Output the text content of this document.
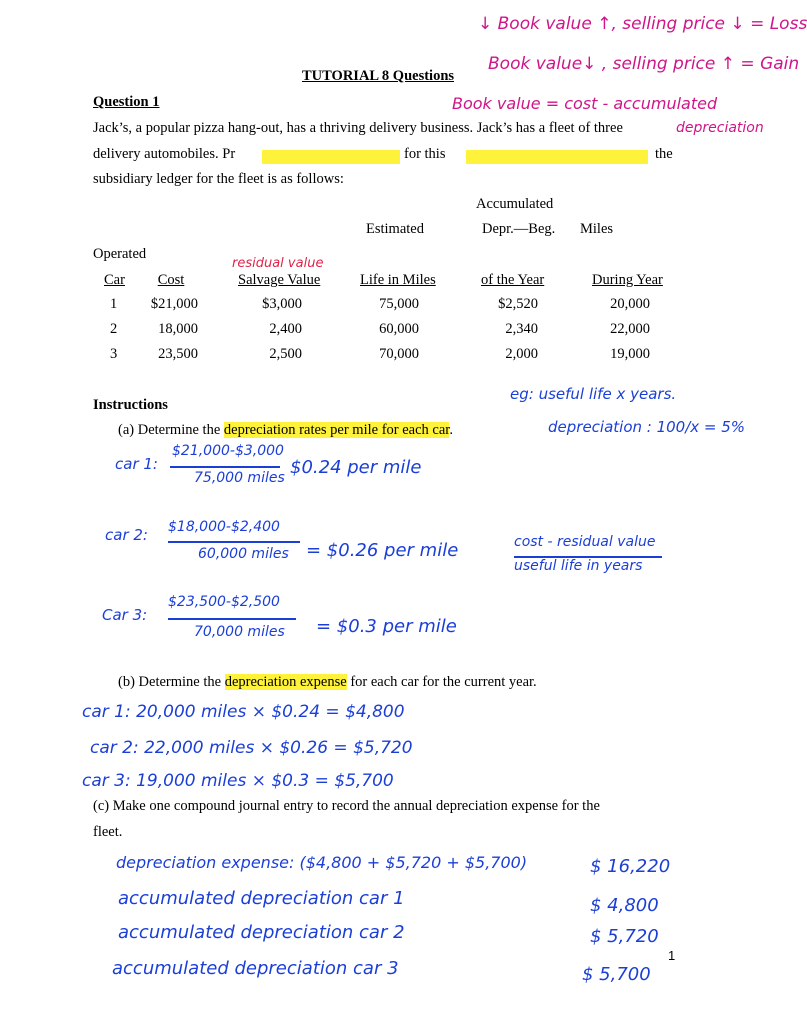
↓ Book value ↑, selling price ↓ = Loss
Book value↓ , selling price ↑ = Gain
Book value = cost - accumulated
depreciation
TUTORIAL 8 Questions
Question 1
Jack’s, a popular pizza hang-out, has a thriving delivery business. Jack’s has a fleet of three
delivery automobiles. Pr	for this	the
subsidiary ledger for the fleet is as follows:
Accumulated
Estimated	Depr.—Beg. Miles
Operated
residual value
Car	Cost	Salvage Value	Life in Miles	of the Year	During Year
1	$21,000	$3,000	75,000	$2,520	20,000
2	18,000	2,400	60,000	2,340	22,000
3	23,500	2,500	70,000	2,000	19,000
Instructions
eg: useful life x years.
depreciation : 100/x = 5%
(a) Determine the depreciation rates per mile for each car.
car 1:
$21,000-$3,000
75,000 miles $0.24 per mile
car 2: $18,000-$2,400
60,000 miles = $0.26 per mile	cost - residual value
useful life in years
Car 3:
$23,500-$2,500
70,000 miles = $0.3 per mile
(b) Determine the depreciation expense for each car for the current year.
car 1: 20,000 miles × $0.24 = $4,800
car 2: 22,000 miles × $0.26 = $5,720
car 3: 19,000 miles × $0.3 = $5,700
(c) Make one compound journal entry to record the annual depreciation expense for the
fleet.
depreciation expense: ($4,800 + $5,720 + $5,700)	$ 16,220
accumulated depreciation car 1	$ 4,800
accumulated depreciation car 2	$ 5,720
accumulated depreciation car 3	$ 5,700
1
